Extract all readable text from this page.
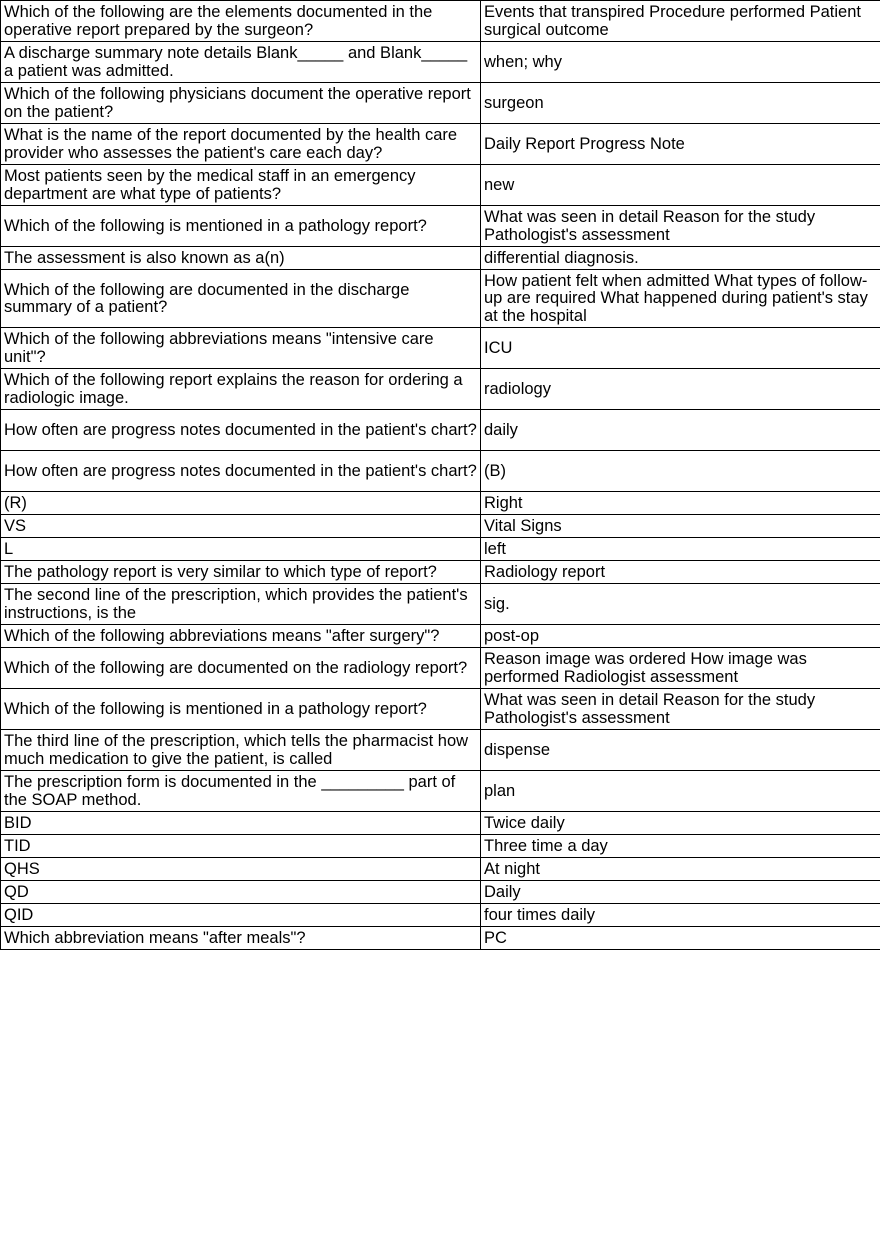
Which of the following are the elements documented in the operative report prepared by the surgeon?	Events that transpired Procedure performed Patient surgical outcome
A discharge summary note details Blank_____ and Blank_____ a patient was admitted.	when; why
Which of the following physicians document the operative report on the patient?	surgeon
What is the name of the report documented by the health care provider who assesses the patient's care each day?	Daily Report Progress Note
Most patients seen by the medical staff in an emergency department are what type of patients?	new
Which of the following is mentioned in a pathology report?	What was seen in detail Reason for the study Pathologist's assessment
The assessment is also known as a(n)	differential diagnosis.
Which of the following are documented in the discharge summary of a patient?	How patient felt when admitted What types of follow-up are required What happened during patient's stay at the hospital
Which of the following abbreviations means "intensive care unit"?	ICU
Which of the following report explains the reason for ordering a radiologic image.	radiology
How often are progress notes documented in the patient's chart?	daily
How often are progress notes documented in the patient's chart?	(B)
(R)	Right
VS	Vital Signs
L	left
The pathology report is very similar to which type of report?	Radiology report
The second line of the prescription, which provides the patient's instructions, is the	sig.
Which of the following abbreviations means "after surgery"?	post-op
Which of the following are documented on the radiology report?	Reason image was ordered How image was performed Radiologist assessment
Which of the following is mentioned in a pathology report?	What was seen in detail Reason for the study Pathologist's assessment
The third line of the prescription, which tells the pharmacist how much medication to give the patient, is called	dispense
The prescription form is documented in the _________ part of the SOAP method.	plan
BID	Twice daily
TID	Three time a day
QHS	At night
QD	Daily
QID	four times daily
Which abbreviation means "after meals"?	PC
